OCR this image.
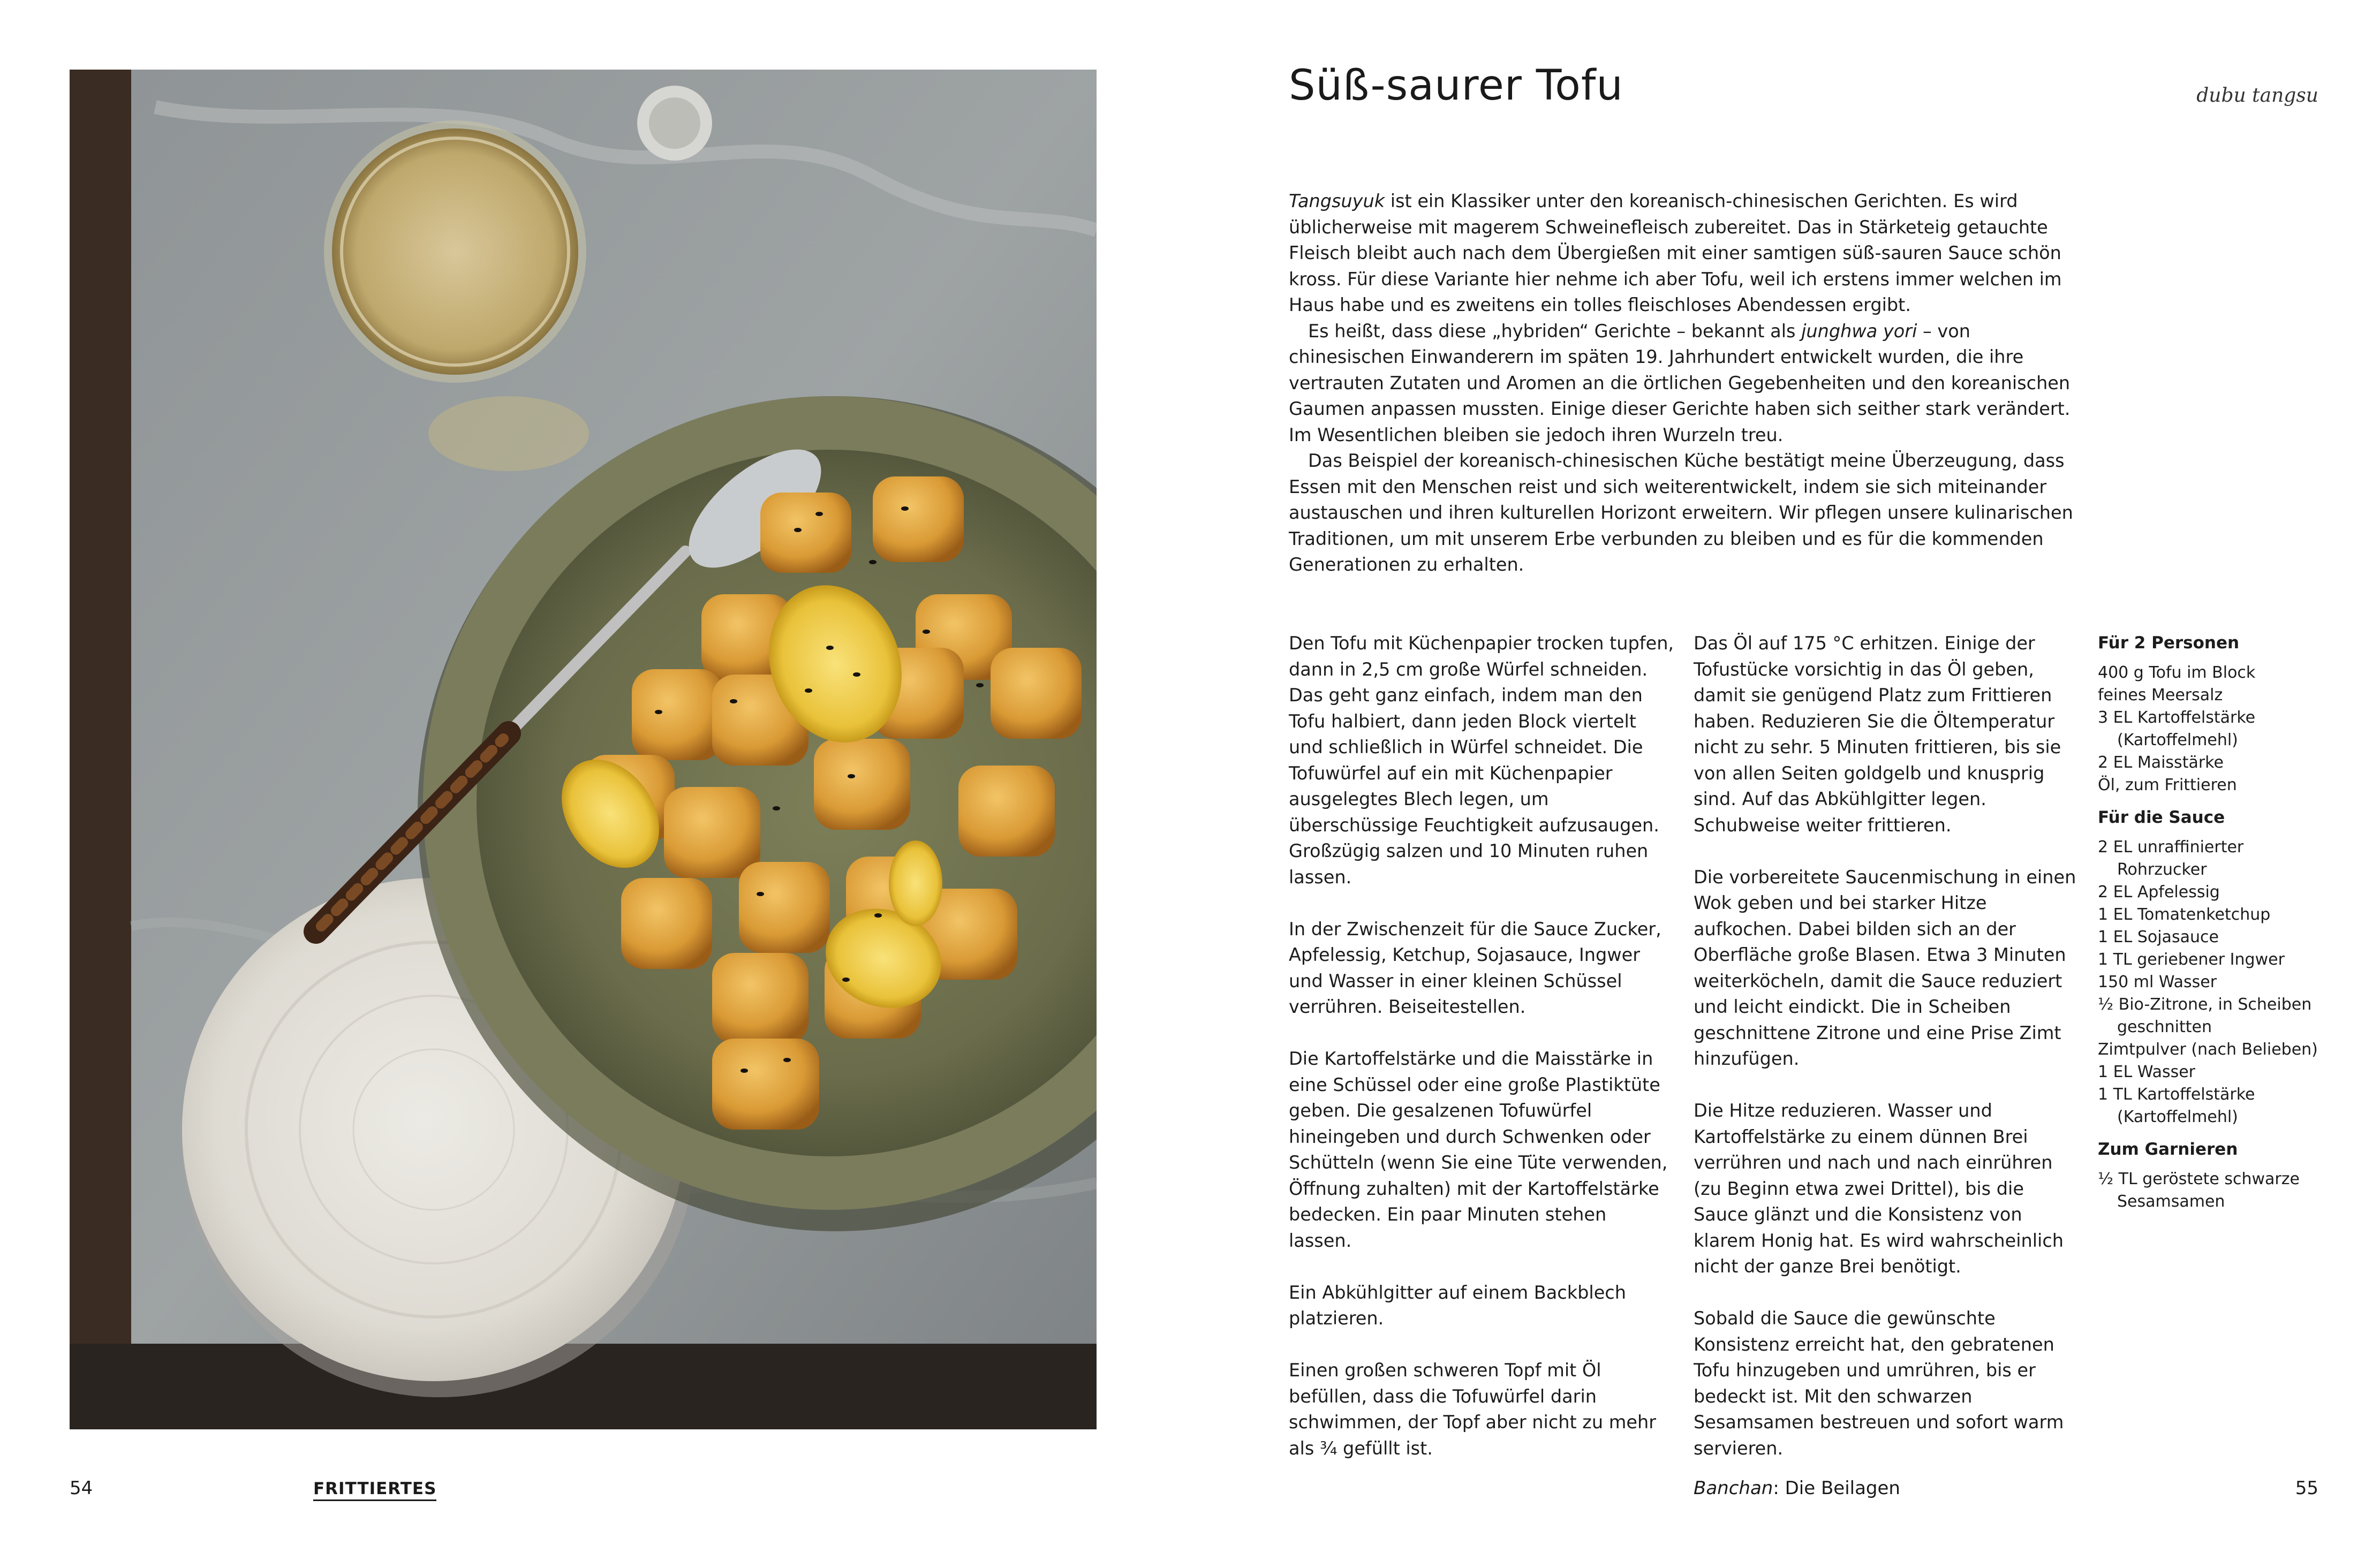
Süß-saurer Tofu	dubu tangsu

Tangsuyuk ist ein Klassiker unter den koreanisch-chinesischen Gerichten. Es wird üblicherweise mit magerem Schweinefleisch zubereitet. Das in Stärketeig getauchte Fleisch bleibt auch nach dem Übergießen mit einer samtigen süß-sauren Sauce schön kross. Für diese Variante hier nehme ich aber Tofu, weil ich erstens immer welchen im Haus habe und es zweitens ein tolles fleischloses Abendessen ergibt.

Es heißt, dass diese „hybriden“ Gerichte – bekannt als junghwa yori – von chinesischen Einwanderern im späten 19. Jahrhundert entwickelt wurden, die ihre vertrauten Zutaten und Aromen an die örtlichen Gegebenheiten und den koreanischen Gaumen anpassen mussten. Einige dieser Gerichte haben sich seither stark verändert. Im Wesentlichen bleiben sie jedoch ihren Wurzeln treu.

Das Beispiel der koreanisch-chinesischen Küche bestätigt meine Überzeugung, dass Essen mit den Menschen reist und sich weiterentwickelt, indem sie sich miteinander austauschen und ihren kulturellen Horizont erweitern. Wir pflegen unsere kulinarischen Traditionen, um mit unserem Erbe verbunden zu bleiben und es für die kommenden Generationen zu erhalten.

Den Tofu mit Küchenpapier trocken tupfen, dann in 2,5 cm große Würfel schneiden. Das geht ganz einfach, indem man den Tofu halbiert, dann jeden Block viertelt und schließlich in Würfel schneidet. Die Tofuwürfel auf ein mit Küchenpapier ausgelegtes Blech legen, um überschüssige Feuchtigkeit aufzusaugen. Großzügig salzen und 10 Minuten ruhen lassen.

In der Zwischenzeit für die Sauce Zucker, Apfelessig, Ketchup, Sojasauce, Ingwer und Wasser in einer kleinen Schüssel verrühren. Beiseitestellen.

Die Kartoffelstärke und die Maisstärke in eine Schüssel oder eine große Plastiktüte geben. Die gesalzenen Tofuwürfel hineingeben und durch Schwenken oder Schütteln (wenn Sie eine Tüte verwenden, Öffnung zuhalten) mit der Kartoffelstärke bedecken. Ein paar Minuten stehen lassen.

Ein Abkühlgitter auf einem Backblech platzieren.

Einen großen schweren Topf mit Öl befüllen, dass die Tofuwürfel darin schwimmen, der Topf aber nicht zu mehr als ¾ gefüllt ist.

Das Öl auf 175 °C erhitzen. Einige der Tofustücke vorsichtig in das Öl geben, damit sie genügend Platz zum Frittieren haben. Reduzieren Sie die Öltemperatur nicht zu sehr. 5 Minuten frittieren, bis sie von allen Seiten goldgelb und knusprig sind. Auf das Abkühlgitter legen. Schubweise weiter frittieren.

Die vorbereitete Saucenmischung in einen Wok geben und bei starker Hitze aufkochen. Dabei bilden sich an der Oberfläche große Blasen. Etwa 3 Minuten weiterköcheln, damit die Sauce reduziert und leicht eindickt. Die in Scheiben geschnittene Zitrone und eine Prise Zimt hinzufügen.

Die Hitze reduzieren. Wasser und Kartoffelstärke zu einem dünnen Brei verrühren und nach und nach einrühren (zu Beginn etwa zwei Drittel), bis die Sauce glänzt und die Konsistenz von klarem Honig hat. Es wird wahrscheinlich nicht der ganze Brei benötigt.

Sobald die Sauce die gewünschte Konsistenz erreicht hat, den gebratenen Tofu hinzugeben und umrühren, bis er bedeckt ist. Mit den schwarzen Sesamsamen bestreuen und sofort warm servieren.

Für 2 Personen
400 g Tofu im Block
feines Meersalz
3 EL Kartoffelstärke (Kartoffelmehl)
2 EL Maisstärke
Öl, zum Frittieren
Für die Sauce
2 EL unraffinierter Rohrzucker
2 EL Apfelessig
1 EL Tomatenketchup
1 EL Sojasauce
1 TL geriebener Ingwer
150 ml Wasser
½ Bio-Zitrone, in Scheiben geschnitten
Zimtpulver (nach Belieben)
1 EL Wasser
1 TL Kartoffelstärke (Kartoffelmehl)
Zum Garnieren
½ TL geröstete schwarze Sesamsamen
54	FRITTIERTES	Banchan: Die Beilagen	55
